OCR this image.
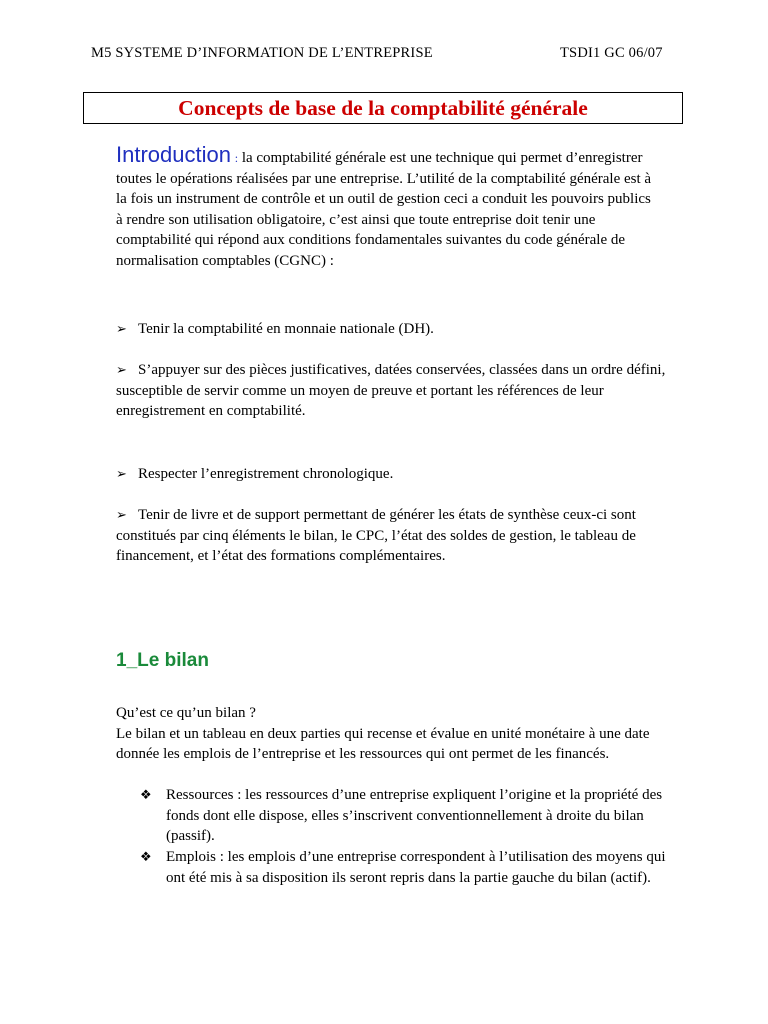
M5 SYSTEME D’INFORMATION DE L’ENTREPRISE	TSDI1 GC 06/07
Concepts de base de la comptabilité générale
Introduction : la comptabilité générale est une technique qui permet d’enregistrer toutes le opérations réalisées par une entreprise. L’utilité de la comptabilité générale est à la fois un instrument de contrôle et un outil de gestion ceci a conduit les pouvoirs publics à rendre son utilisation obligatoire, c’est ainsi que toute entreprise doit tenir une comptabilité qui répond aux conditions fondamentales suivantes du code générale de normalisation comptables (CGNC) :
➢ Tenir la comptabilité en monnaie nationale (DH).
➢ S’appuyer sur des pièces justificatives, datées conservées, classées dans un ordre défini, susceptible de servir comme un moyen de preuve et portant les références de leur enregistrement en comptabilité.
➢ Respecter l’enregistrement chronologique.
➢ Tenir de livre et de support permettant de générer les états de synthèse ceux-ci sont constitués par cinq éléments le bilan, le CPC, l’état des soldes de gestion, le tableau de financement, et l’état des formations complémentaires.
1_Le bilan
Qu’est ce qu’un bilan ?
Le bilan et un tableau en deux parties qui recense et évalue en unité monétaire à une date donnée les emplois de l’entreprise et les ressources qui ont permet de les financés.
❖ Ressources : les ressources d’une entreprise expliquent l’origine et la propriété des fonds dont elle dispose, elles s’inscrivent conventionnellement à droite du bilan (passif).
❖ Emplois : les emplois d’une entreprise correspondent à l’utilisation des moyens qui ont été mis à sa disposition ils seront repris dans la partie gauche du bilan (actif).
